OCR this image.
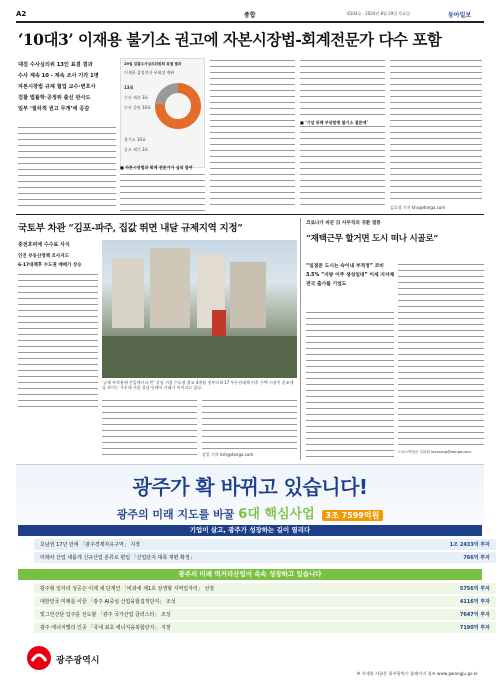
A2	종합	제104호 · 2024년 8월 29일 목요일	동아일보
‘10대3’ 이재용 불기소 권고에 자본시장법-회계전문가 다수 포함
대검 수사심의위 13인 표결 결과
수사 계속 10 - 계속 조사 기각 1명
자본시장법 규제 협업 교수·변호사
검찰 법률학·공정위 출신 판사도
일부 ‘절차적 권고 무게’에 공감
29일 검찰수사심의위원회 표결 결과
이재용 삼성전자 부회장 재판
13표
수사 계속 3표
수사 중단 10표
불기소 10표
공소 제기 3표
■ 자본시장법과 회계 전문가가 심의 참여
■ ‘기업 위해 부당합병 불기소 결론에’
김호성 기자 khs@donga.com
국토부 차관 “김포-파주, 집값 뛰면 내달 규제지역 지정”
중전호피에 수수료 사식
인진 부동산정책 조사지도
6·17대책후 수도권 매매가 상승
‘규제 부작용에 투입에시다 반’ 강남 서울 수도권 광교 4개월 정부의 6·17 부동산대책 이후 주택 시장이 혼조세를 보이는 가운데 서울 강남 등에서 거래가 이어지고 있다.
강일 기자 ksh@donga.com
코로나가 바꾼 日 사무직의 귀환 열풍
“재택근무 할거면 도시 떠나 시골로”
“일점준 도시는 숙이내 부적정” 코비 3.5% “지방 이주 생성일대” 이세 지자체 전국 출가를 기업도
도쿄=박형준 특파원 lovesong@donga.com
광주가 확 바뀌고 있습니다!
광주의 미래 지도를 바꿀 6대 핵심사업 3조 7599억원
기업이 살고, 광주가 성장하는 길이 열리다
호남권 17년 만에 「광주경제자유구역」 지정	1조 2433억 투자
미래차 산업 새롭게 신규산업 분류로 편입 「산업단지 대폭 재편 확정」	766억 투자
광주의 미래 먹거리산업이 속속 성장하고 있습니다
광주형 일자리 성공은 이제 새 단계인 「비과세 제1호 상생형 지역일자리」 선정	5756억 투자
대한민국 미래를 이끌 「광주 AI중심 산업융합집적단지」 조성	4116억 투자
빛그린산단 입주를 선도할 「광주 국가산업 클러스터」 조성	7647억 투자
광주 에너지밸리 인공 「국내 최초 에너지융복합단지」 지정	7190억 투자
광주광역시
※ 자세한 사항은 광주광역시 홈페이지 참조 www.gwangju.go.kr
